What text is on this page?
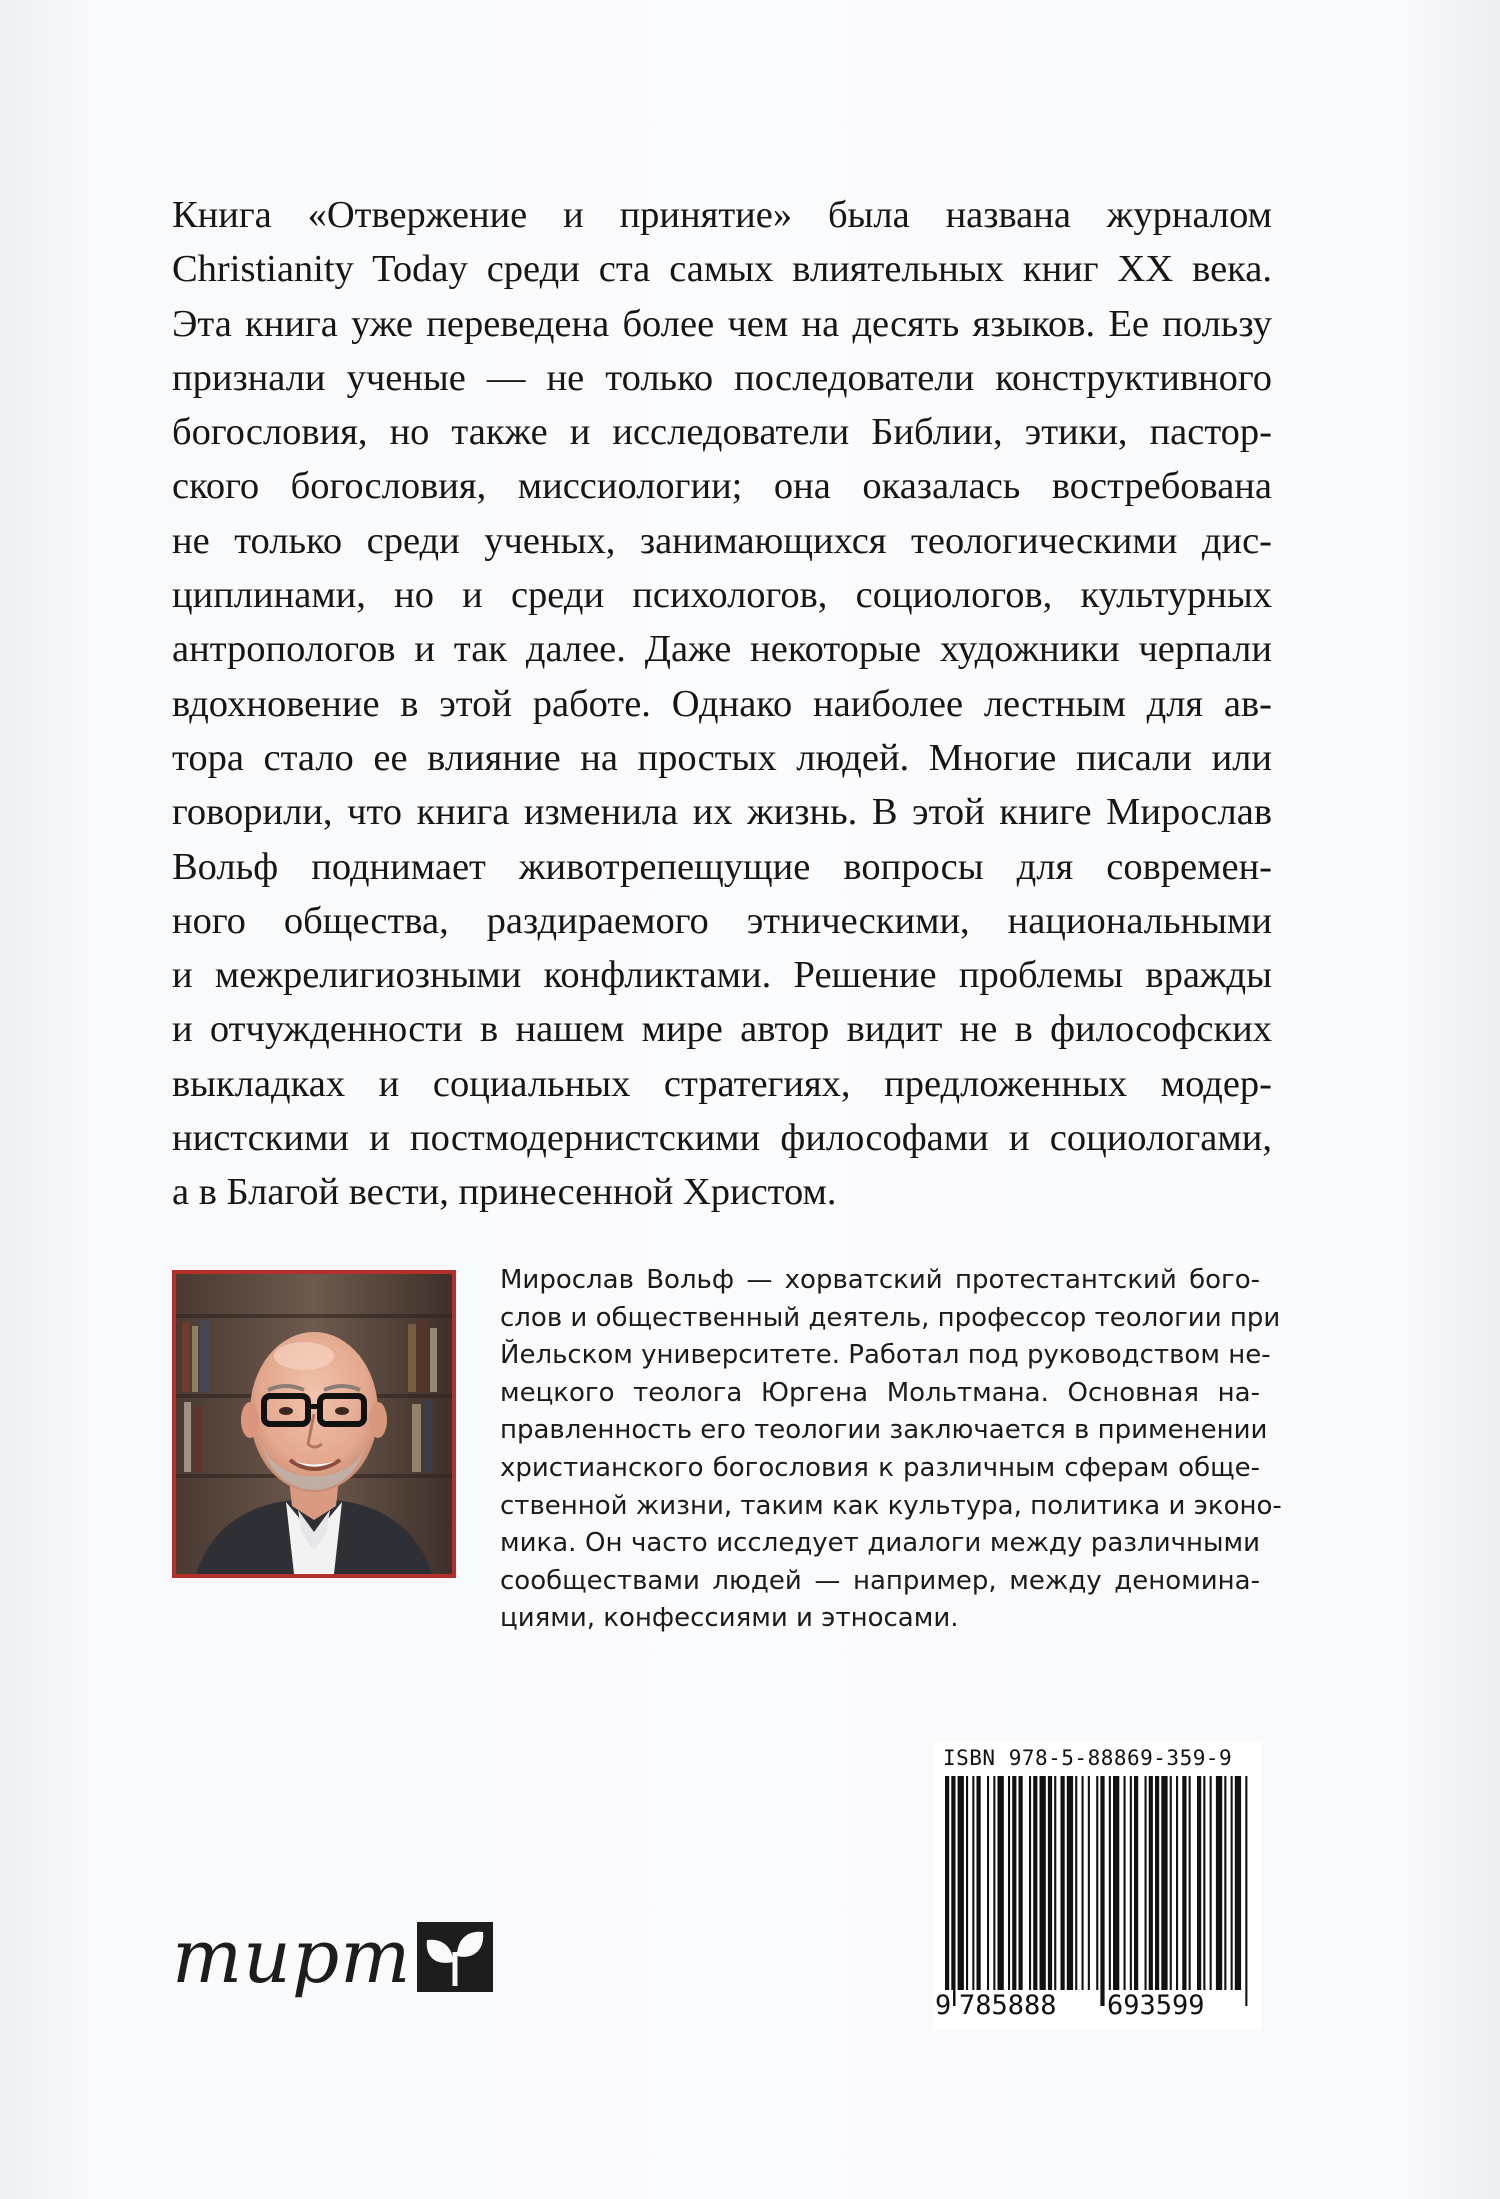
Книга «Отвержение и принятие» была названа журналом
Christianity Today среди ста самых влиятельных книг XX века.
Эта книга уже переведена более чем на десять языков. Ее пользу
признали ученые — не только последователи конструктивного
богословия, но также и исследователи Библии, этики, пастор-
ского богословия, миссиологии; она оказалась востребована
не только среди ученых, занимающихся теологическими дис-
циплинами, но и среди психологов, социологов, культурных
антропологов и так далее. Даже некоторые художники черпали
вдохновение в этой работе. Однако наиболее лестным для ав-
тора стало ее влияние на простых людей. Многие писали или
говорили, что книга изменила их жизнь. В этой книге Мирослав
Вольф поднимает животрепещущие вопросы для современ-
ного общества, раздираемого этническими, национальными
и межрелигиозными конфликтами. Решение проблемы вражды
и отчужденности в нашем мире автор видит не в философских
выкладках и социальных стратегиях, предложенных модер-
нистскими и постмодернистскими философами и социологами,
а в Благой вести, принесенной Христом.
Мирослав Вольф — хорватский протестантский бого-
слов и общественный деятель, профессор теологии при
Йельском университете. Работал под руководством не-
мецкого теолога Юргена Мольтмана. Основная на-
правленность его теологии заключается в применении
христианского богословия к различным сферам обще-
ственной жизни, таким как культура, политика и эконо-
мика. Он часто исследует диалоги между различными
сообществами людей — например, между деномина-
циями, конфессиями и этносами.
тирт
ISBN 978-5-88869-359-9
9 785888 693599
